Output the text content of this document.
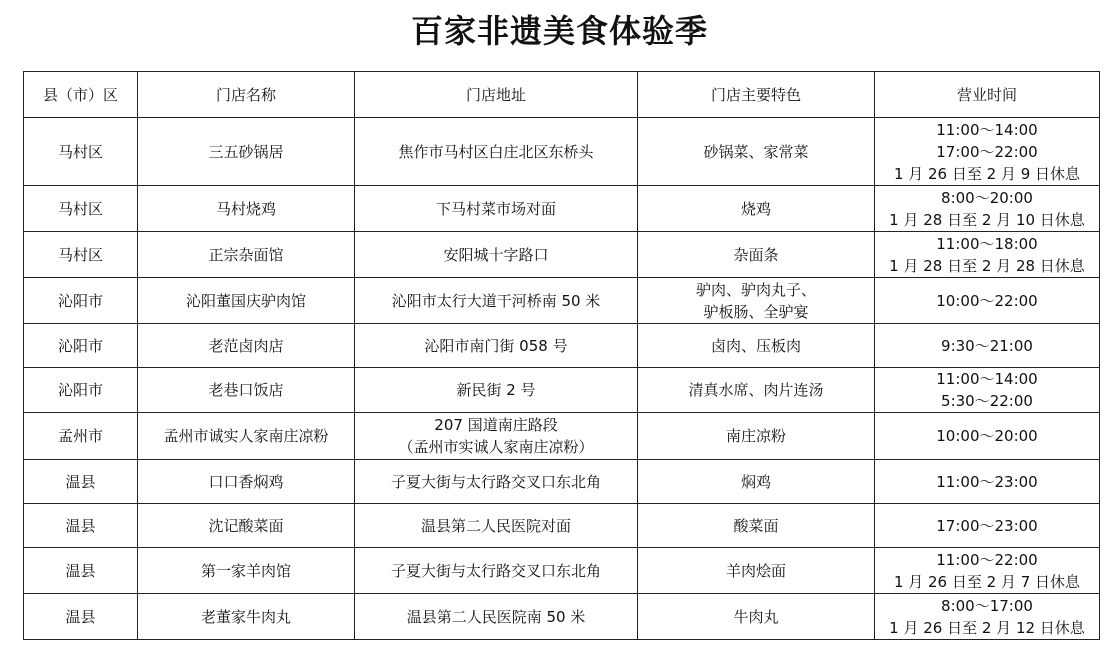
百家非遗美食体验季
县（市）区	门店名称	门店地址	门店主要特色	营业时间
马村区	三五砂锅居	焦作市马村区白庄北区东桥头	砂锅菜、家常菜	11:00～14:00
17:00～22:00
1 月 26 日至 2 月 9 日休息

马村区	马村烧鸡	下马村菜市场对面	烧鸡	8:00～20:00
1 月 28 日至 2 月 10 日休息

马村区	正宗杂面馆	安阳城十字路口	杂面条	11:00～18:00
1 月 28 日至 2 月 28 日休息

沁阳市	沁阳董国庆驴肉馆	沁阳市太行大道干河桥南 50 米	驴肉、驴肉丸子、
驴板肠、全驴宴	10:00～22:00

沁阳市	老范卤肉店	沁阳市南门街 058 号	卤肉、压板肉	9:30～21:00

沁阳市	老巷口饭店	新民街 2 号	清真水席、肉片连汤	11:00～14:00
5:30～22:00

孟州市	孟州市诚实人家南庄凉粉	207 国道南庄路段
（孟州市实诚人家南庄凉粉）	南庄凉粉	10:00～20:00

温县	口口香焖鸡	子夏大街与太行路交叉口东北角	焖鸡	11:00～23:00

温县	沈记酸菜面	温县第二人民医院对面	酸菜面	17:00～23:00

温县	第一家羊肉馆	子夏大街与太行路交叉口东北角	羊肉烩面	11:00～22:00
1 月 26 日至 2 月 7 日休息

温县	老董家牛肉丸	温县第二人民医院南 50 米	牛肉丸	8:00～17:00
1 月 26 日至 2 月 12 日休息
